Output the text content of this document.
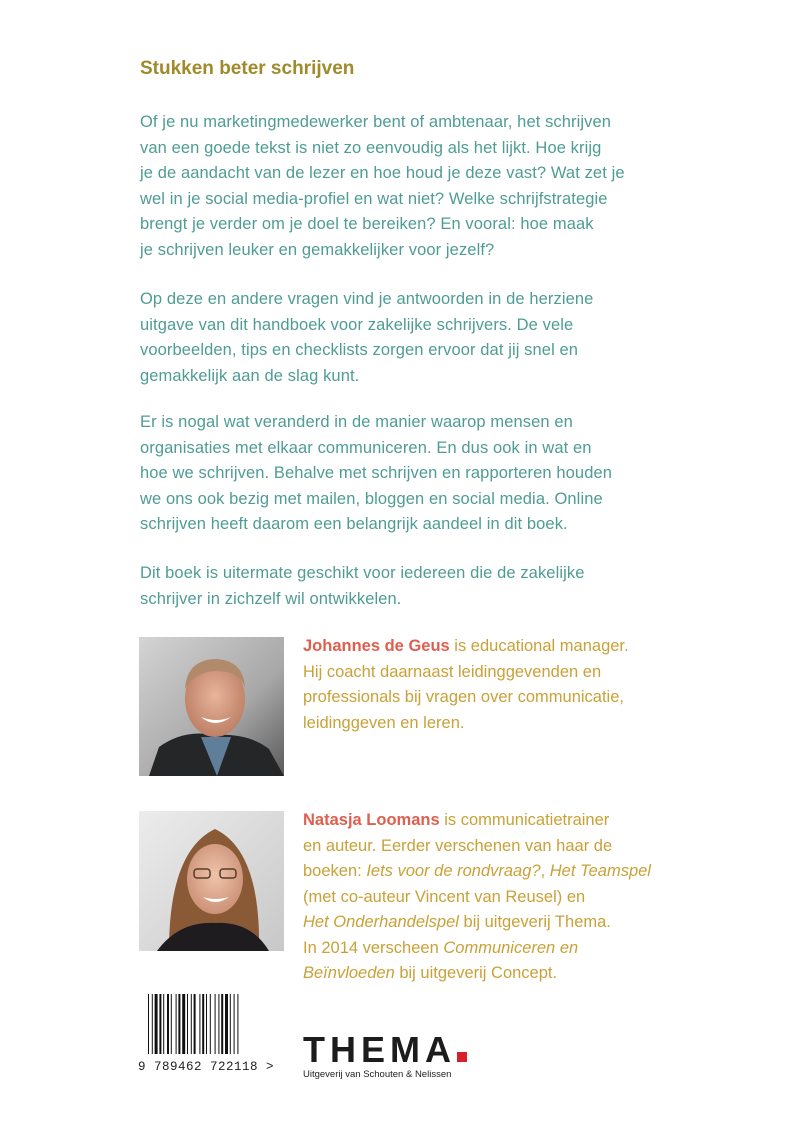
Stukken beter schrijven

Of je nu marketingmedewerker bent of ambtenaar, het schrijven
van een goede tekst is niet zo eenvoudig als het lijkt. Hoe krijg
je de aandacht van de lezer en hoe houd je deze vast? Wat zet je
wel in je social media-profiel en wat niet? Welke schrijfstrategie
brengt je verder om je doel te bereiken? En vooral: hoe maak
je schrijven leuker en gemakkelijker voor jezelf?

Op deze en andere vragen vind je antwoorden in de herziene
uitgave van dit handboek voor zakelijke schrijvers. De vele
voorbeelden, tips en checklists zorgen ervoor dat jij snel en
gemakkelijk aan de slag kunt.

Er is nogal wat veranderd in de manier waarop mensen en
organisaties met elkaar communiceren. En dus ook in wat en
hoe we schrijven. Behalve met schrijven en rapporteren houden
we ons ook bezig met mailen, bloggen en social media. Online
schrijven heeft daarom een belangrijk aandeel in dit boek.

Dit boek is uitermate geschikt voor iedereen die de zakelijke
schrijver in zichzelf wil ontwikkelen.

Johannes de Geus is educational manager.
Hij coacht daarnaast leidinggevenden en
professionals bij vragen over communicatie,
leidinggeven en leren.

Natasja Loomans is communicatietrainer
en auteur. Eerder verschenen van haar de
boeken: Iets voor de rondvraag?, Het Teamspel
(met co-auteur Vincent van Reusel) en
Het Onderhandelspel bij uitgeverij Thema.
In 2014 verscheen Communiceren en
Beïnvloeden bij uitgeverij Concept.

9 789462 722118 > THEMA
Uitgeverij van Schouten & Nelissen
